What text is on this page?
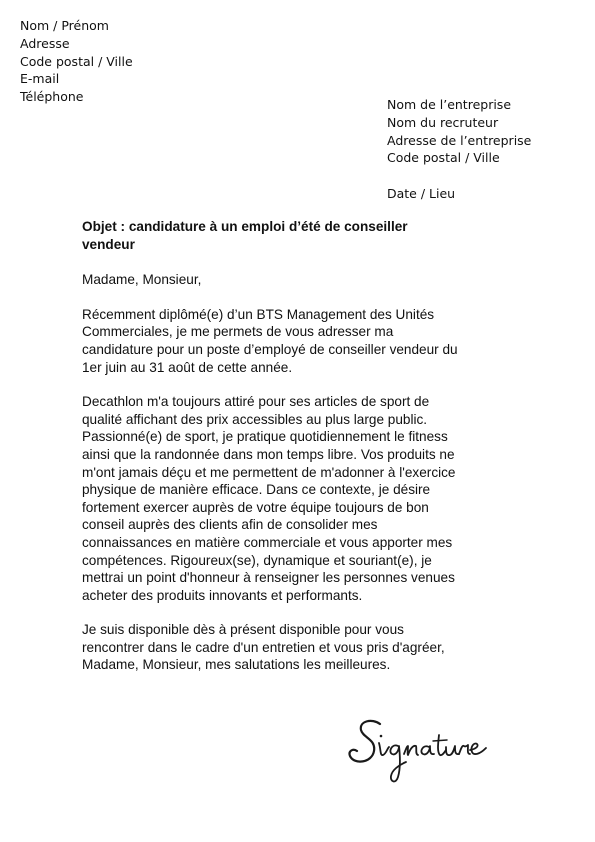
Nom / Prénom
Adresse
Code postal / Ville
E-mail
Téléphone
Nom de l’entreprise
Nom du recruteur
Adresse de l’entreprise
Code postal / Ville
Date / Lieu
Objet : candidature à un emploi d’été de conseiller
vendeur
Madame, Monsieur,
Récemment diplômé(e) d’un BTS Management des Unités
Commerciales, je me permets de vous adresser ma
candidature pour un poste d’employé de conseiller vendeur du
1er juin au 31 août de cette année.
Decathlon m'a toujours attiré pour ses articles de sport de
qualité affichant des prix accessibles au plus large public.
Passionné(e) de sport, je pratique quotidiennement le fitness
ainsi que la randonnée dans mon temps libre. Vos produits ne
m'ont jamais déçu et me permettent de m'adonner à l'exercice
physique de manière efficace. Dans ce contexte, je désire
fortement exercer auprès de votre équipe toujours de bon
conseil auprès des clients afin de consolider mes
connaissances en matière commerciale et vous apporter mes
compétences. Rigoureux(se), dynamique et souriant(e), je
mettrai un point d'honneur à renseigner les personnes venues
acheter des produits innovants et performants.
Je suis disponible dès à présent disponible pour vous
rencontrer dans le cadre d'un entretien et vous pris d'agréer,
Madame, Monsieur, mes salutations les meilleures.
